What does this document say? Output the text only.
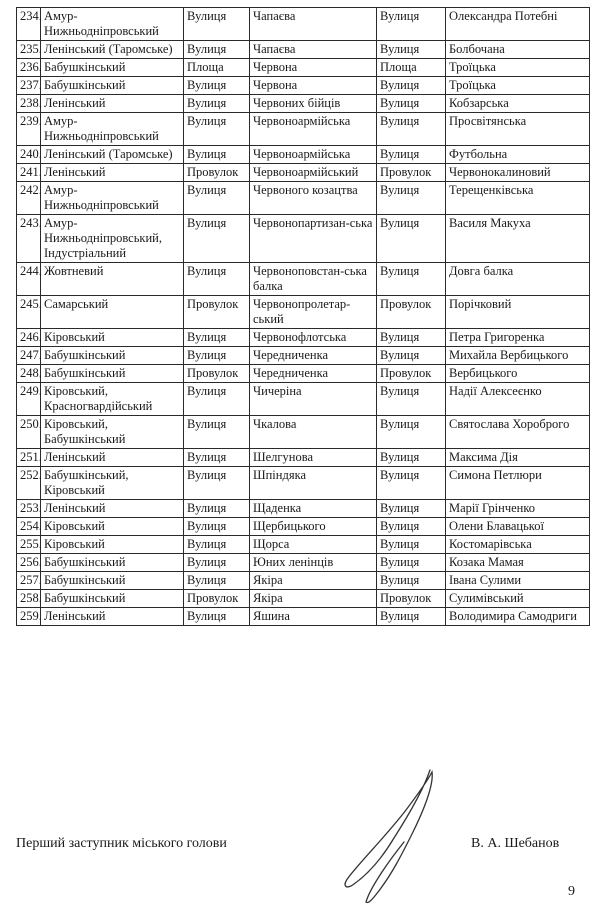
234.	Амур-Нижньодніпровський	Вулиця	Чапаєва	Вулиця	Олександра Потебні
235.	Ленінський (Таромське)	Вулиця	Чапаєва	Вулиця	Болбочана
236.	Бабушкінський	Площа	Червона	Площа	Троїцька
237.	Бабушкінський	Вулиця	Червона	Вулиця	Троїцька
238.	Ленінський	Вулиця	Червоних бійців	Вулиця	Кобзарська
239.	Амур-Нижньодніпровський	Вулиця	Червоноармійська	Вулиця	Просвітянська
240.	Ленінський (Таромське)	Вулиця	Червоноармійська	Вулиця	Футбольна
241.	Ленінський	Провулок	Червоноармійський	Провулок	Червонокалиновий
242.	Амур-Нижньодніпровський	Вулиця	Червоного козацтва	Вулиця	Терещенківська
243.	Амур-Нижньодніпровський, Індустріальний	Вулиця	Червонопартизан-ська	Вулиця	Василя Макуха
244.	Жовтневий	Вулиця	Червоноповстан-ська балка	Вулиця	Довга балка
245.	Самарський	Провулок	Червонопролетар-ський	Провулок	Порічковий
246.	Кіровський	Вулиця	Червонофлотська	Вулиця	Петра Григоренка
247.	Бабушкінський	Вулиця	Чередниченка	Вулиця	Михайла Вербицького
248.	Бабушкінський	Провулок	Чередниченка	Провулок	Вербицького
249.	Кіровський, Красногвардійський	Вулиця	Чичеріна	Вулиця	Надії Алексеєнко
250.	Кіровський, Бабушкінський	Вулиця	Чкалова	Вулиця	Святослава Хороброго
251.	Ленінський	Вулиця	Шелгунова	Вулиця	Максима Дія
252.	Бабушкінський, Кіровський	Вулиця	Шпіндяка	Вулиця	Симона Петлюри
253.	Ленінський	Вулиця	Щаденка	Вулиця	Марії Грінченко
254.	Кіровський	Вулиця	Щербицького	Вулиця	Олени Блавацької
255.	Кіровський	Вулиця	Щорса	Вулиця	Костомарівська
256.	Бабушкінський	Вулиця	Юних ленінців	Вулиця	Козака Мамая
257.	Бабушкінський	Вулиця	Якіра	Вулиця	Івана Сулими
258.	Бабушкінський	Провулок	Якіра	Провулок	Сулимівський
259.	Ленінський	Вулиця	Яшина	Вулиця	Володимира Самодриги
Перший заступник міського голови	В. А. Шебанов
9
